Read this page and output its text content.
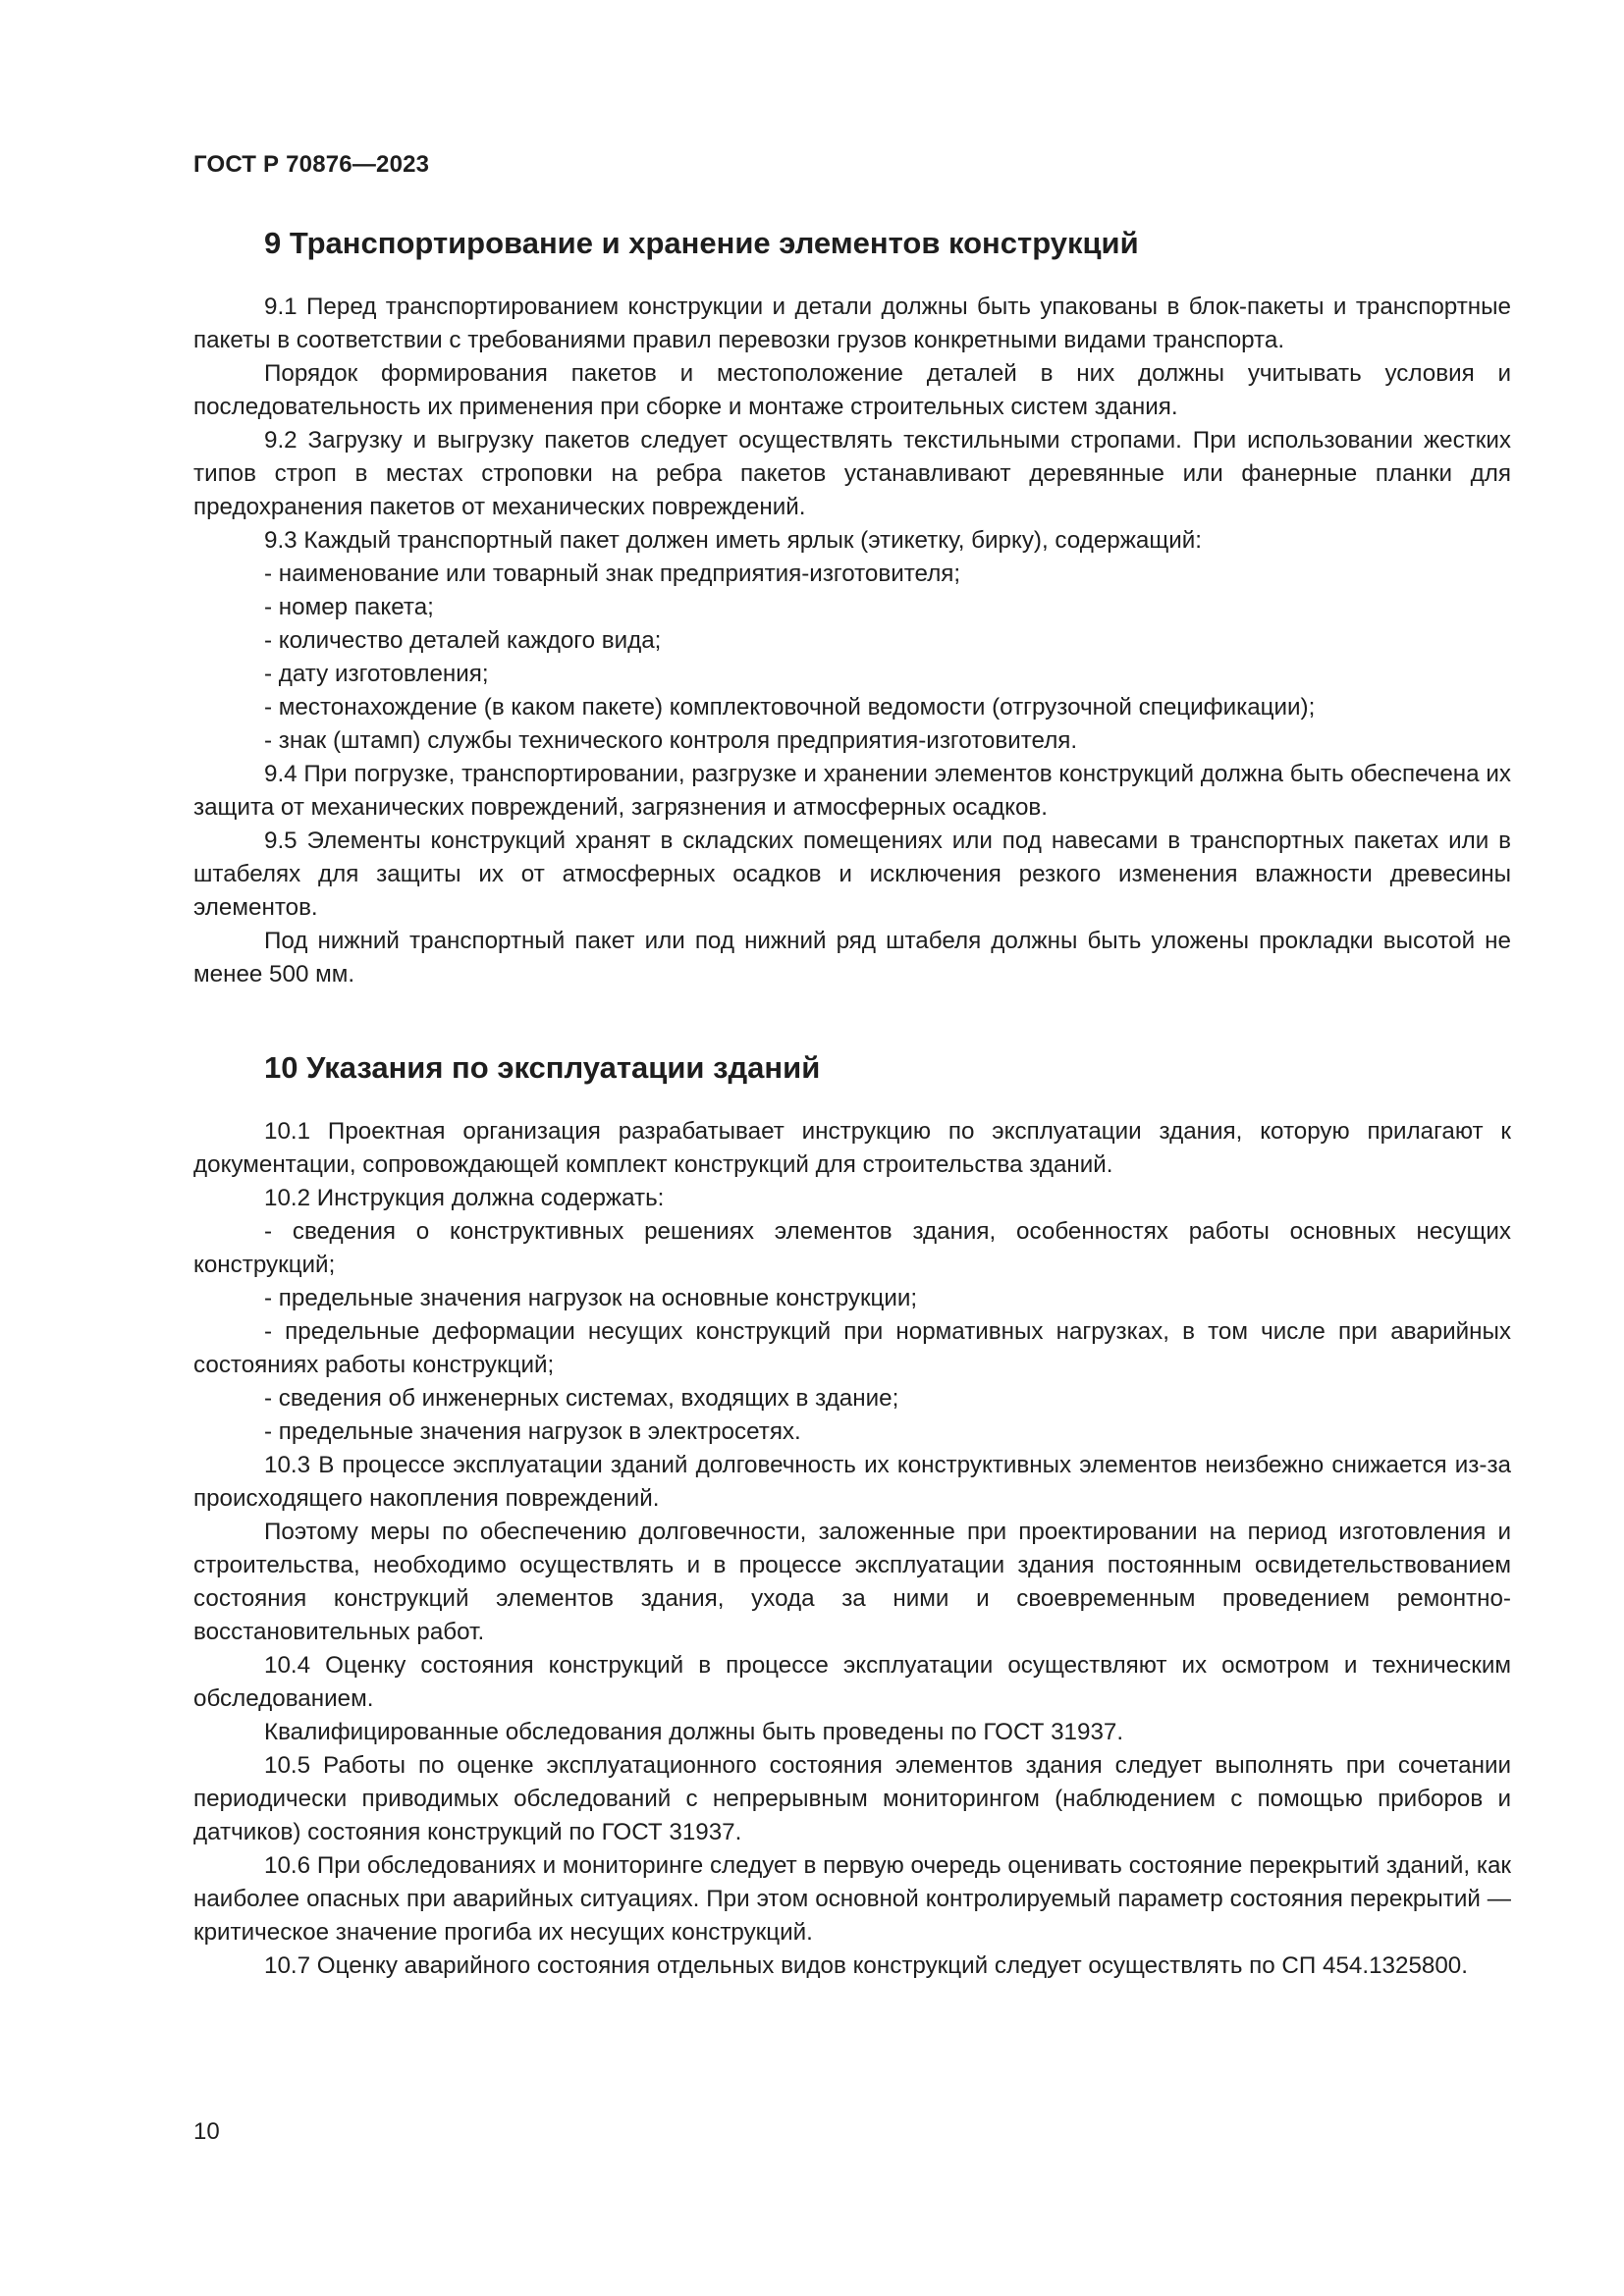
ГОСТ Р 70876—2023
9 Транспортирование и хранение элементов конструкций

9.1 Перед транспортированием конструкции и детали должны быть упакованы в блок-пакеты и транспортные пакеты в соответствии с требованиями правил перевозки грузов конкретными видами транспорта.

Порядок формирования пакетов и местоположение деталей в них должны учитывать условия и последовательность их применения при сборке и монтаже строительных систем здания.

9.2 Загрузку и выгрузку пакетов следует осуществлять текстильными стропами. При использовании жестких типов строп в местах строповки на ребра пакетов устанавливают деревянные или фанерные планки для предохранения пакетов от механических повреждений.

9.3 Каждый транспортный пакет должен иметь ярлык (этикетку, бирку), содержащий:

- наименование или товарный знак предприятия-изготовителя;

- номер пакета;

- количество деталей каждого вида;

- дату изготовления;

- местонахождение (в каком пакете) комплектовочной ведомости (отгрузочной спецификации);

- знак (штамп) службы технического контроля предприятия-изготовителя.

9.4 При погрузке, транспортировании, разгрузке и хранении элементов конструкций должна быть обеспечена их защита от механических повреждений, загрязнения и атмосферных осадков.

9.5 Элементы конструкций хранят в складских помещениях или под навесами в транспортных пакетах или в штабелях для защиты их от атмосферных осадков и исключения резкого изменения влажности древесины элементов.

Под нижний транспортный пакет или под нижний ряд штабеля должны быть уложены прокладки высотой не менее 500 мм.

10 Указания по эксплуатации зданий

10.1 Проектная организация разрабатывает инструкцию по эксплуатации здания, которую прилагают к документации, сопровождающей комплект конструкций для строительства зданий.

10.2 Инструкция должна содержать:

- сведения о конструктивных решениях элементов здания, особенностях работы основных несущих конструкций;

- предельные значения нагрузок на основные конструкции;

- предельные деформации несущих конструкций при нормативных нагрузках, в том числе при аварийных состояниях работы конструкций;

- сведения об инженерных системах, входящих в здание;

- предельные значения нагрузок в электросетях.

10.3 В процессе эксплуатации зданий долговечность их конструктивных элементов неизбежно снижается из-за происходящего накопления повреждений.

Поэтому меры по обеспечению долговечности, заложенные при проектировании на период изготовления и строительства, необходимо осуществлять и в процессе эксплуатации здания постоянным освидетельствованием состояния конструкций элементов здания, ухода за ними и своевременным проведением ремонтно-восстановительных работ.

10.4 Оценку состояния конструкций в процессе эксплуатации осуществляют их осмотром и техническим обследованием.

Квалифицированные обследования должны быть проведены по ГОСТ 31937.

10.5 Работы по оценке эксплуатационного состояния элементов здания следует выполнять при сочетании периодически приводимых обследований с непрерывным мониторингом (наблюдением с помощью приборов и датчиков) состояния конструкций по ГОСТ 31937.

10.6 При обследованиях и мониторинге следует в первую очередь оценивать состояние перекрытий зданий, как наиболее опасных при аварийных ситуациях. При этом основной контролируемый параметр состояния перекрытий — критическое значение прогиба их несущих конструкций.

10.7 Оценку аварийного состояния отдельных видов конструкций следует осуществлять по СП 454.1325800.

10
